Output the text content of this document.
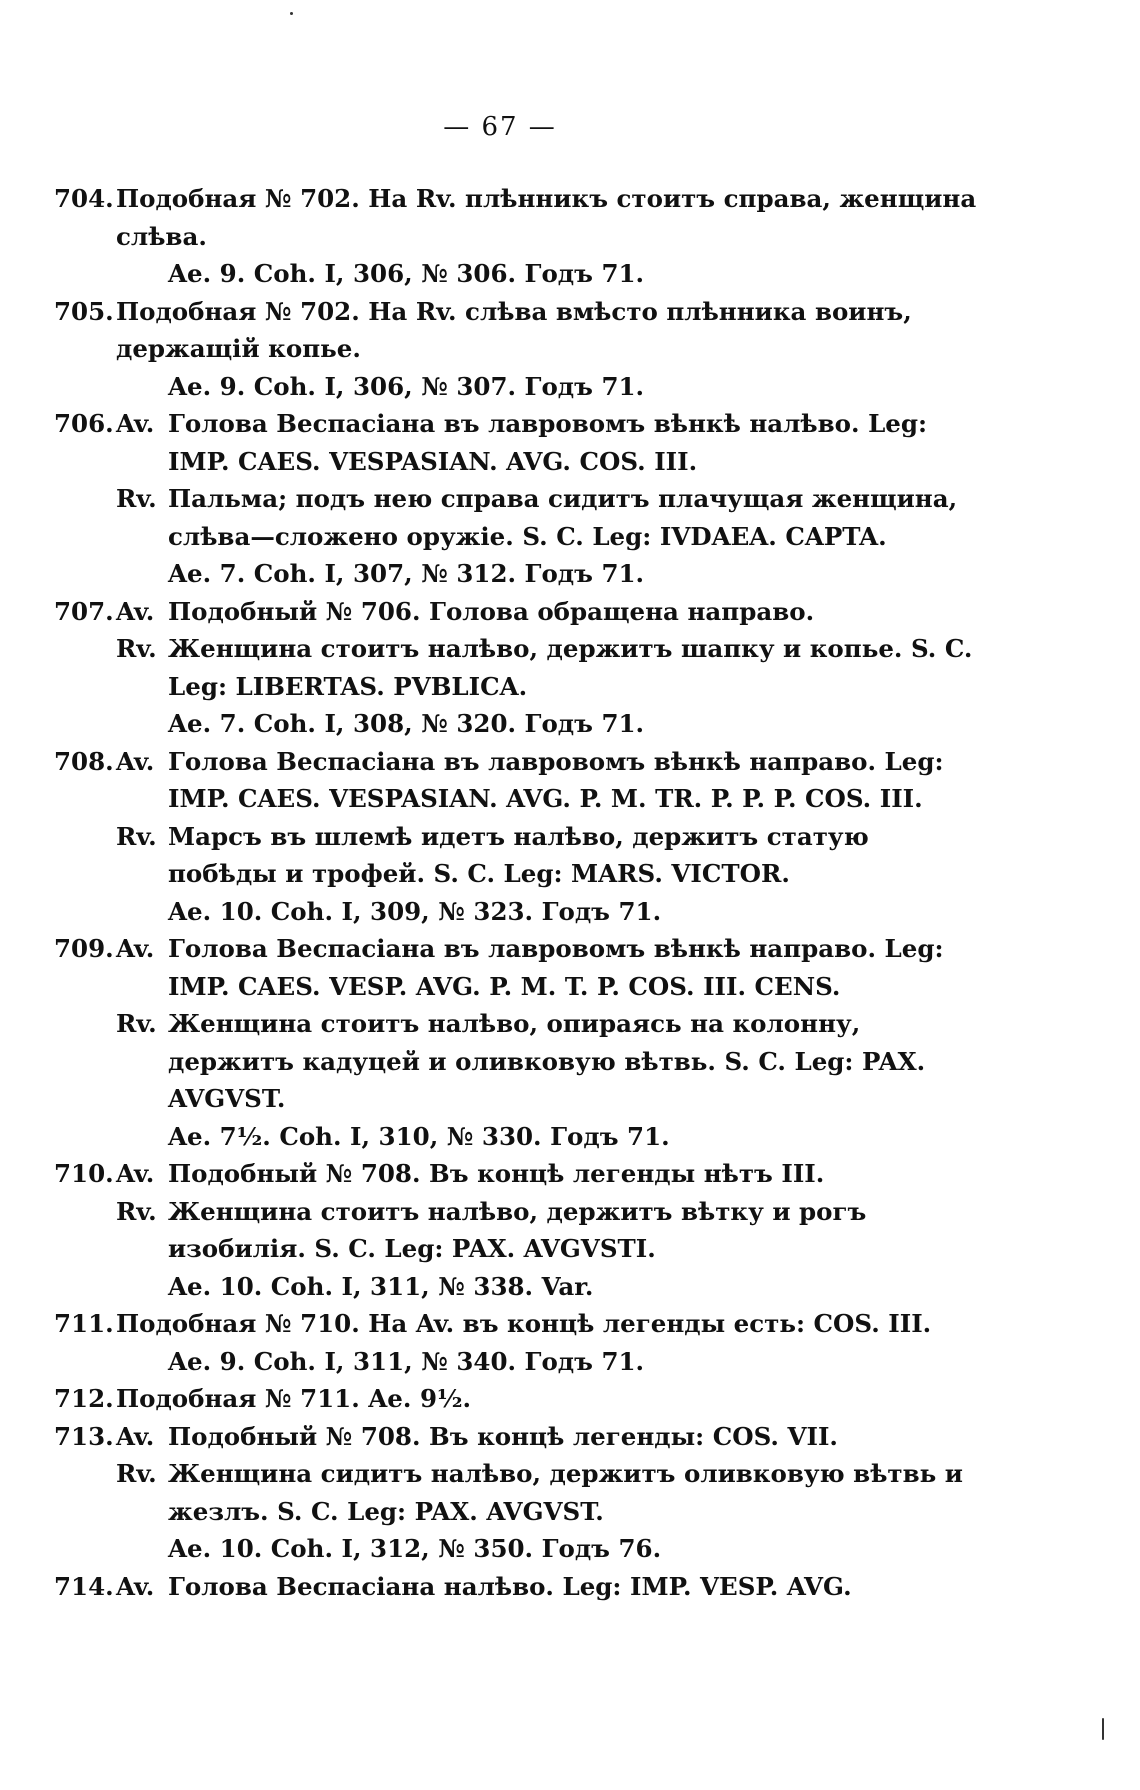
— 67 —
704. Подобная № 702. На Rv. плѣнникъ стоитъ справа, женщина слѣва.
Ae. 9. Coh. I, 306, № 306. Годъ 71.
705. Подобная № 702. На Rv. слѣва вмѣсто плѣнника воинъ, держащій копье.
Ae. 9. Coh. I, 306, № 307. Годъ 71.
706. Av. Голова Веспасіана въ лавровомъ вѣнкѣ налѣво. Leg: IMP. CAES. VESPASIAN. AVG. COS. III.
Rv. Пальма; подъ нею справа сидитъ плачущая женщина, слѣва—сложено оружіе. S. C. Leg: IVDAEA. CAPTA.
Ae. 7. Coh. I, 307, № 312. Годъ 71.
707. Av. Подобный № 706. Голова обращена направо.
Rv. Женщина стоитъ налѣво, держитъ шапку и копье. S. C. Leg: LIBERTAS. PVBLICA.
Ae. 7. Coh. I, 308, № 320. Годъ 71.
708. Av. Голова Веспасіана въ лавровомъ вѣнкѣ направо. Leg: IMP. CAES. VESPASIAN. AVG. P. M. TR. P. P. P. COS. III.
Rv. Марсъ въ шлемѣ идетъ налѣво, держитъ статую побѣды и трофей. S. C. Leg: MARS. VICTOR.
Ae. 10. Coh. I, 309, № 323. Годъ 71.
709. Av. Голова Веспасіана въ лавровомъ вѣнкѣ направо. Leg: IMP. CAES. VESP. AVG. P. M. T. P. COS. III. CENS.
Rv. Женщина стоитъ налѣво, опираясь на колонну, держитъ кадуцей и оливковую вѣтвь. S. C. Leg: PAX. AVGVST.
Ae. 7½. Coh. I, 310, № 330. Годъ 71.
710. Av. Подобный № 708. Въ концѣ легенды нѣтъ III.
Rv. Женщина стоитъ налѣво, держитъ вѣтку и рогъ изобилія. S. C. Leg: PAX. AVGVSTI.
Ae. 10. Coh. I, 311, № 338. Var.
711. Подобная № 710. На Av. въ концѣ легенды есть: COS. III.
Ae. 9. Coh. I, 311, № 340. Годъ 71.
712. Подобная № 711. Ae. 9½.
713. Av. Подобный № 708. Въ концѣ легенды: COS. VII.
Rv. Женщина сидитъ налѣво, держитъ оливковую вѣтвь и жезлъ. S. C. Leg: PAX. AVGVST.
Ae. 10. Coh. I, 312, № 350. Годъ 76.
714. Av. Голова Веспасіана налѣво. Leg: IMP. VESP. AVG.
